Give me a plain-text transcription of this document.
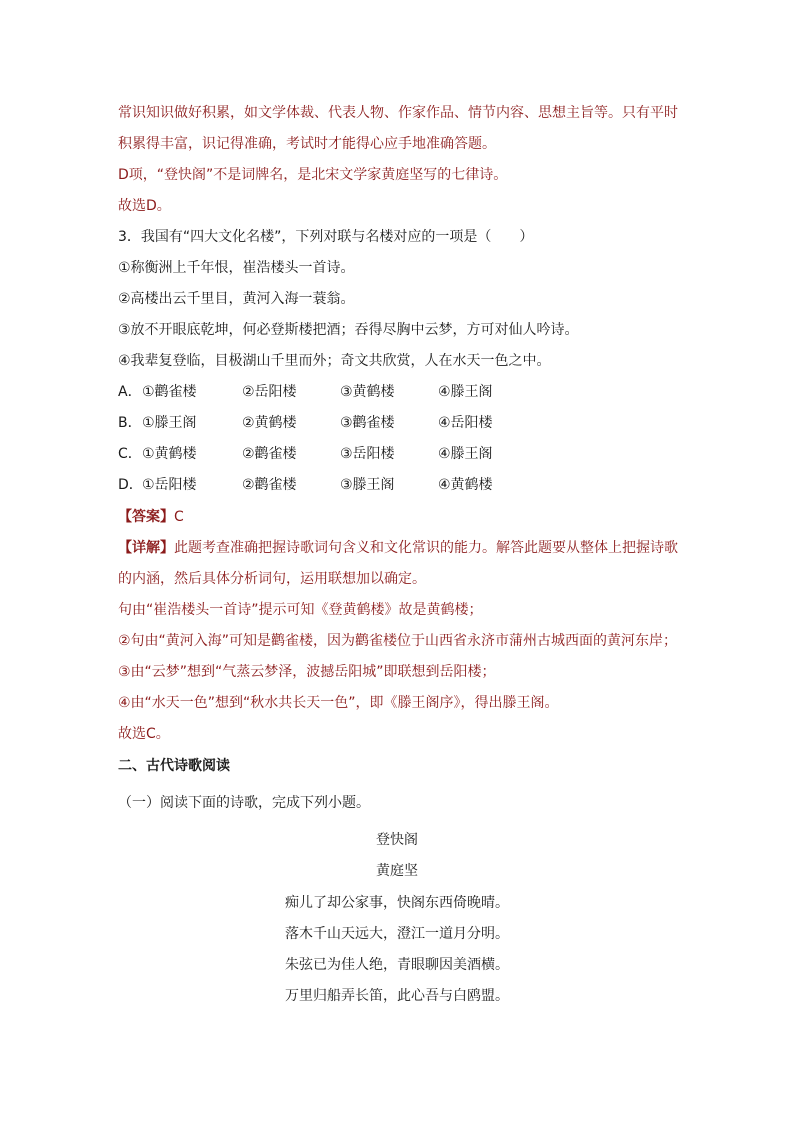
常识知识做好积累，如文学体裁、代表人物、作家作品、情节内容、思想主旨等。只有平时
积累得丰富，识记得准确，考试时才能得心应手地准确答题。
D项，“登快阁”不是词牌名，是北宋文学家黄庭坚写的七律诗。
故选D。
3．我国有“四大文化名楼”，下列对联与名楼对应的一项是（　　）
①称衡洲上千年恨，崔浩楼头一首诗。
②高楼出云千里目，黄河入海一蓑翁。
③放不开眼底乾坤，何必登斯楼把酒；吞得尽胸中云梦，方可对仙人吟诗。
④我辈复登临，目极湖山千里而外；奇文共欣赏，人在水天一色之中。
A．①鹳雀楼	②岳阳楼	③黄鹤楼	④滕王阁
B．①滕王阁	②黄鹤楼	③鹳雀楼	④岳阳楼
C．①黄鹤楼	②鹳雀楼	③岳阳楼	④滕王阁
D．①岳阳楼	②鹳雀楼	③滕王阁	④黄鹤楼
【答案】C
【详解】此题考查准确把握诗歌词句含义和文化常识的能力。解答此题要从整体上把握诗歌
的内涵，然后具体分析词句，运用联想加以确定。
句由“崔浩楼头一首诗”提示可知《登黄鹤楼》故是黄鹤楼；
②句由“黄河入海”可知是鹳雀楼，因为鹳雀楼位于山西省永济市蒲州古城西面的黄河东岸；
③由“云梦”想到“气蒸云梦泽，波撼岳阳城”即联想到岳阳楼；
④由“水天一色”想到“秋水共长天一色”，即《滕王阁序》，得出滕王阁。
故选C。
二、古代诗歌阅读
（一）阅读下面的诗歌，完成下列小题。
登快阁
黄庭坚
痴儿了却公家事，快阁东西倚晚晴。
落木千山天远大，澄江一道月分明。
朱弦已为佳人绝，青眼聊因美酒横。
万里归船弄长笛，此心吾与白鸥盟。
